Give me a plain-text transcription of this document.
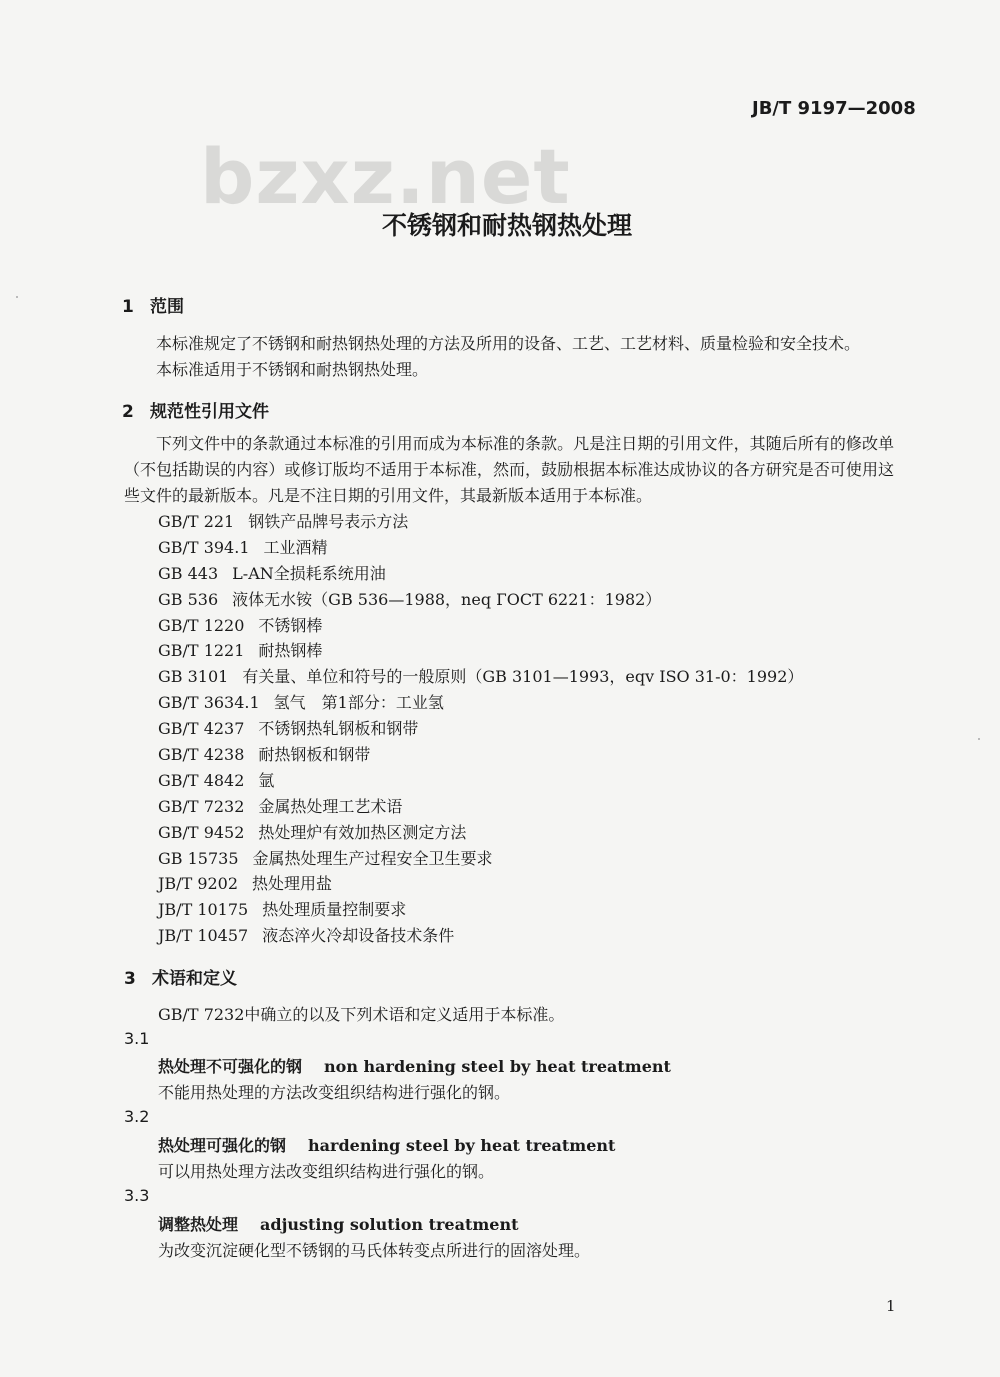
bzxz.net
JB/T 9197—2008
不锈钢和耐热钢热处理
1 范围
本标准规定了不锈钢和耐热钢热处理的方法及所用的设备、工艺、工艺材料、质量检验和安全技术。
本标准适用于不锈钢和耐热钢热处理。
2 规范性引用文件
下列文件中的条款通过本标准的引用而成为本标准的条款。凡是注日期的引用文件，其随后所有的修改单（不包括勘误的内容）或修订版均不适用于本标准，然而，鼓励根据本标准达成协议的各方研究是否可使用这些文件的最新版本。凡是不注日期的引用文件，其最新版本适用于本标准。
GB/T 221 钢铁产品牌号表示方法
GB/T 394.1 工业酒精
GB 443 L-AN全损耗系统用油
GB 536 液体无水铵（GB 536—1988，neq ГОСТ 6221：1982）
GB/T 1220 不锈钢棒
GB/T 1221 耐热钢棒
GB 3101 有关量、单位和符号的一般原则（GB 3101—1993，eqv ISO 31-0：1992）
GB/T 3634.1 氢气　第1部分：工业氢
GB/T 4237 不锈钢热轧钢板和钢带
GB/T 4238 耐热钢板和钢带
GB/T 4842 氩
GB/T 7232 金属热处理工艺术语
GB/T 9452 热处理炉有效加热区测定方法
GB 15735 金属热处理生产过程安全卫生要求
JB/T 9202 热处理用盐
JB/T 10175 热处理质量控制要求
JB/T 10457 液态淬火冷却设备技术条件
3 术语和定义
GB/T 7232中确立的以及下列术语和定义适用于本标准。
3.1
热处理不可强化的钢 non hardening steel by heat treatment
不能用热处理的方法改变组织结构进行强化的钢。
3.2
热处理可强化的钢 hardening steel by heat treatment
可以用热处理方法改变组织结构进行强化的钢。
3.3
调整热处理 adjusting solution treatment
为改变沉淀硬化型不锈钢的马氏体转变点所进行的固溶处理。
1
